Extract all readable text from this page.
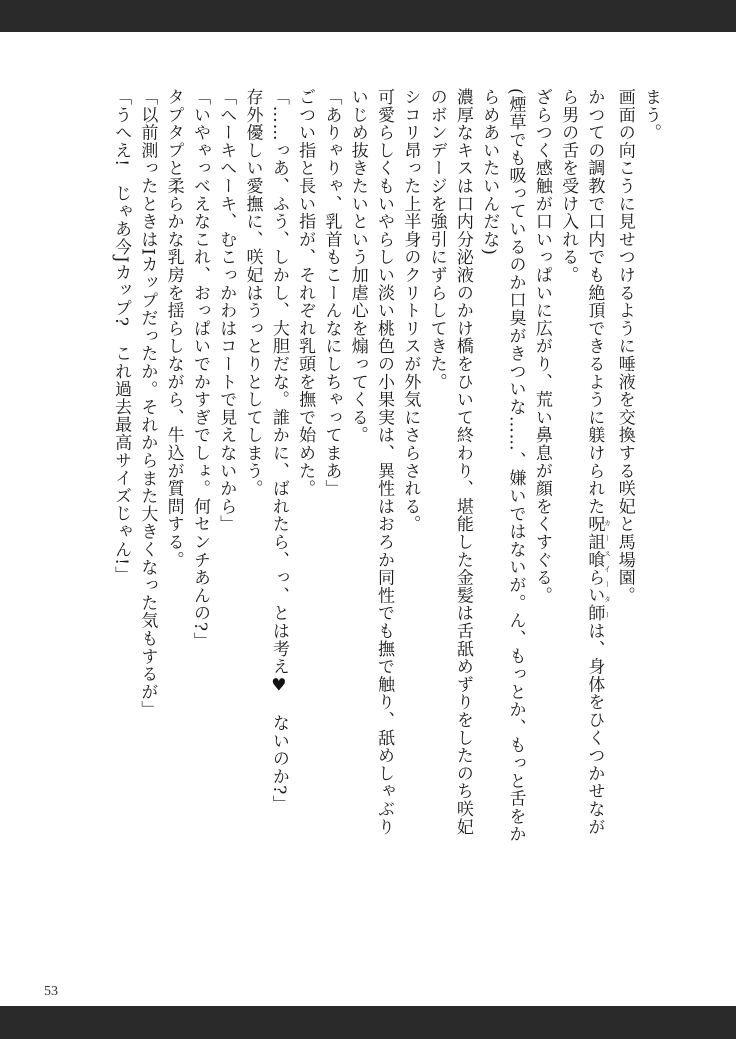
まう。
画面の向こうに見せつけるように唾液を交換する咲妃と馬場園。
かつての調教で口内でも絶頂できるように躾けられた呪詛喰らい師 カースイーターは、身体をひくつかせなが
ら男の舌を受け入れる。
ざらつく感触が口いっぱいに広がり、荒い鼻息が顔をくすぐる。
(煙草でも吸っているのか口臭がきついな……、嫌いではないが。ん、もっとか、もっと舌をか
らめあいたいんだな)
濃厚なキスは口内分泌液のかけ橋をひいて終わり、堪能した金髪は舌舐めずりをしたのち咲妃
のボンデージを強引にずらしてきた。
シコリ昂った上半身のクリトリスが外気にさらされる。
可愛らしくもいやらしい淡い桃色の小果実は、異性はおろか同性でも撫で触り、舐めしゃぶり
いじめ抜きたいという加虐心を煽ってくる。
「ありゃりゃ、乳首もこーんなにしちゃってまあ」
ごつい指と長い指が、それぞれ乳頭を撫で始めた。
「……っあ、ふう、しかし、大胆だな。誰かに、ばれたら、っ、とは考え♥　ないのか?」
存外優しい愛撫に、咲妃はうっとりとしてしまう。
「へーキへーキ、むこっかわはコートで見えないから」
「いやゃっべえなこれ、おっぱいでかすぎでしょ。何センチあんの?」
タプタプと柔らかな乳房を揺らしながら、牛込が質問する。
「以前測ったときはIカップだったか。それからまた大きくなった気もするが」
「うへえ!　じゃあ今Jカップ?　これ過去最高サイズじゃん!」
53
